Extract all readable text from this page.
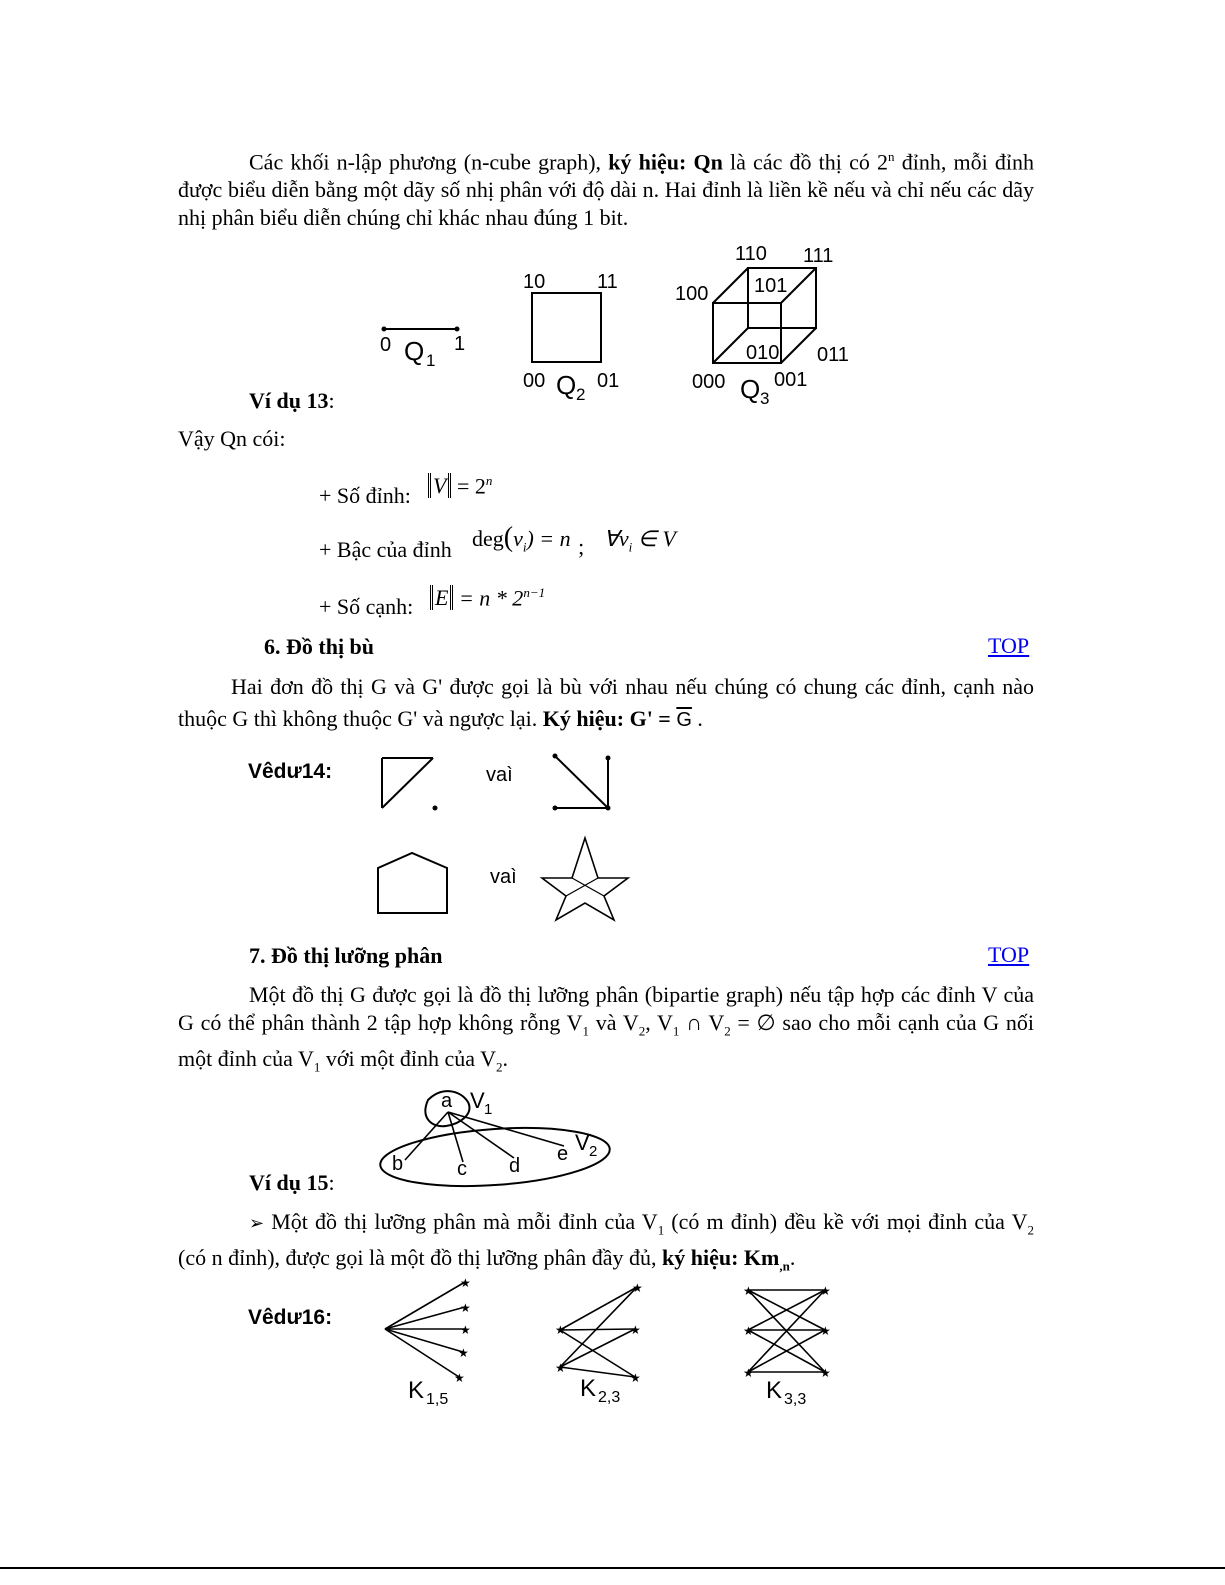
Các khối n-lập phương (n-cube graph), ký hiệu: Qn là các đồ thị có 2$^n$ đỉnh, mỗi đỉnh được biểu diễn bằng một dãy số nhị phân với độ dài n. Hai đỉnh là liền kề nếu và chỉ nếu các dãy nhị phân biểu diễn chúng chỉ khác nhau đúng 1 bit.
0	1
Q 1
10	11
00	01
Q 2
110 111
100 101
010 011
000 001
Q 3
Ví dụ 13:
Vậy Qn cói:
+ Số đỉnh: $V = 2^n$
+ Bậc của đỉnh $deg(v_i) = n$ ; $\forall v_i$ ∈ V
+ Số cạnh: $E = n * 2^{n-1}$
6. Đồ thị bù	TOP
Hai đơn đồ thị G và G' được gọi là bù với nhau nếu chúng có chung các đỉnh, cạnh nào thuộc G thì không thuộc G' và ngược lại. Ký hiệu: $G' = \overline{G}$ .
Vêdư14:	vaì
vaì
7. Đồ thị lưỡng phân	TOP
Một đồ thị G được gọi là đồ thị lưỡng phân (bipartie graph) nếu tập hợp các đỉnh V của G có thể phân thành 2 tập hợp không rỗng $V_1$ và $V_2$, $V_1$ ∩ $V_2$ = ∅ sao cho mỗi cạnh của G nối một đỉnh của $V_1$ với một đỉnh của $V_2$.
a V 1
b	c d
e V 2
Ví dụ 15:
➢ Một đồ thị lưỡng phân mà mỗi đỉnh của $V_1$ (có m đỉnh) đều kề với mọi đỉnh của $V_2$ (có n đỉnh), được gọi là một đồ thị lưỡng phân đầy đủ, ký hiệu: $Km_{,n}$.
Vêdư16:
★
★
★
★
★
K 1,5
★
★
★
★
★
K 2,3
★
★
★
★
★
★
K 3,3
